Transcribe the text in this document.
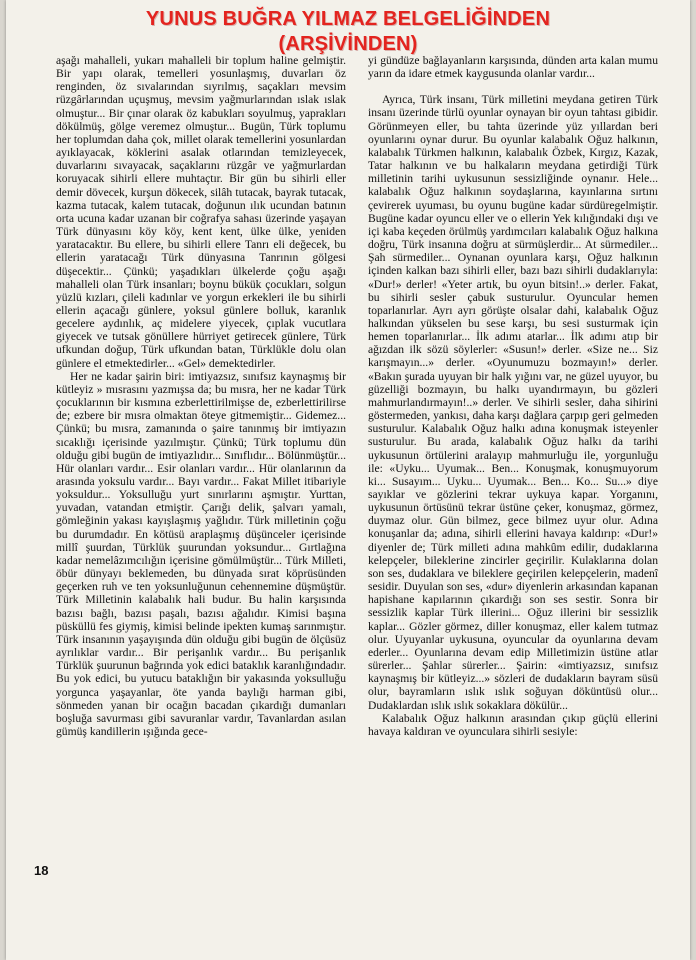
YUNUS BUĞRA YILMAZ BELGELİĞİNDEN
(ARŞİVİNDEN)

aşağı mahalleli, yukarı mahalleli bir toplum haline gelmiştir. Bir yapı olarak, temelleri yosunlaşmış, duvarları öz renginden, öz sıvalarından sıyrılmış, saçakları mevsim rüzgârlarından uçuşmuş, mevsim yağmurlarından ıslak ıslak olmuştur... Bir çınar olarak öz kabukları soyulmuş, yaprakları dökülmüş, gölge veremez olmuştur... Bugün, Türk toplumu her toplumdan daha çok, millet olarak temellerini yosunlardan ayıklayacak, köklerini asalak otlarından temizleyecek, duvarlarını sıvayacak, saçaklarını rüzgâr ve yağmurlardan koruyacak sihirli ellere muhtaçtır. Bir gün bu sihirli eller demir dövecek, kurşun dökecek, silâh tutacak, bayrak tutacak, kazma tutacak, kalem tutacak, doğunun ılık ucundan batının orta ucuna kadar uzanan bir coğrafya sahası üzerinde yaşayan Türk dünyasını köy köy, kent kent, ülke ülke, yeniden yaratacaktır. Bu ellere, bu sihirli ellere Tanrı eli değecek, bu ellerin yaratacağı Türk dünyasına Tanrının gölgesi düşecektir... Çünkü; yaşadıkları ülkelerde çoğu aşağı mahalleli olan Türk insanları; boynu bükük çocukları, solgun yüzlü kızları, çileli kadınlar ve yorgun erkekleri ile bu sihirli ellerin açacağı günlere, yoksul günlere bolluk, karanlık gecelere aydınlık, aç midelere yiyecek, çıplak vucutlara giyecek ve tutsak gönüllere hürriyet getirecek günlere, Türk ufkundan doğup, Türk ufkundan batan, Türklükle dolu olan günlere el etmektedirler... «Gel» demektedirler.

Her ne kadar şairin biri: imtiyazsız, sınıfsız kaynaşmış bir kütleyiz » mısrasını yazmışsa da; bu mısra, her ne kadar Türk çocuklarının bir kısmına ezberlettirilmişse de, ezberlettirilirse de; ezbere bir mısra olmaktan öteye gitmemiştir... Gidemez... Çünkü; bu mısra, zamanında o şaire tanınmış bir imtiyazın sıcaklığı içerisinde yazılmıştır. Çünkü; Türk toplumu dün olduğu gibi bugün de imtiyazlıdır... Sınıflıdır... Bölünmüştür... Hür olanları vardır... Esir olanları vardır... Hür olanlarının da arasında yoksulu vardır... Bayı vardır... Fakat Millet itibariyle yoksuldur... Yoksulluğu yurt sınırlarını aşmıştır. Yurttan, yuvadan, vatandan etmiştir. Çarığı delik, şalvarı yamalı, gömleğinin yakası kayışlaşmış yağlıdır. Türk milletinin çoğu bu durumdadır. En kötüsü araplaşmış düşünceler içerisinde millî şuurdan, Türklük şuurundan yoksundur... Gırtlağına kadar nemelâzımcılığın içerisine gömülmüştür... Türk Milleti, öbür dünyayı beklemeden, bu dünyada sırat köprüsünden geçerken ruh ve ten yoksunluğunun cehennemine düşmüştür. Türk Milletinin kalabalık hali budur. Bu halin karşısında bazısı bağlı, bazısı paşalı, bazısı ağalıdır. Kimisi başına püsküllü fes giymiş, kimisi belinde ipekten kumaş sarınmıştır. Türk insanının yaşayışında dün olduğu gibi bugün de ölçüsüz ayrılıklar vardır... Bir perişanlık vardır... Bu perişanlık Türklük şuurunun bağrında yok edici bataklık karanlığındadır. Bu yok edici, bu yutucu bataklığın bir yakasında yoksulluğu yorgunca yaşayanlar, öte yanda baylığı harman gibi, sönmeden yanan bir ocağın bacadan çıkardığı dumanları boşluğa savurması gibi savuranlar vardır, Tavanlardan asılan gümüş kandillerin ışığında gece-

yi gündüze bağlayanların karşısında, dünden arta kalan mumu yarın da idare etmek kaygusunda olanlar vardır...

Ayrıca, Türk insanı, Türk milletini meydana getiren Türk insanı üzerinde türlü oyunlar oynayan bir oyun tahtası gibidir. Görünmeyen eller, bu tahta üzerinde yüz yıllardan beri oyunlarını oynar durur. Bu oyunlar kalabalık Oğuz halkının, kalabalık Türkmen halkının, kalabalık Özbek, Kırgız, Kazak, Tatar halkının ve bu halkaların meydana getirdiği Türk milletinin tarihi uykusunun sessizliğinde oynanır. Hele... kalabalık Oğuz halkının soydaşlarına, kayınlarına sırtını çevirerek uyuması, bu oyunu bugüne kadar sürdüregelmiştir. Bugüne kadar oyuncu eller ve o ellerin Yek kılığındaki dışı ve içi kaba keçeden örülmüş yardımcıları kalabalık Oğuz halkına doğru, Türk insanına doğru at sürmüşlerdir... At sürmediler... Şah sürmediler... Oynanan oyunlara karşı, Oğuz halkının içinden kalkan bazı sihirli eller, bazı bazı sihirli dudaklarıyla: «Dur!» derler! «Yeter artık, bu oyun bitsin!..» derler. Fakat, bu sihirli sesler çabuk susturulur. Oyuncular hemen toparlanırlar. Ayrı ayrı görüşte olsalar dahi, kalabalık Oğuz halkından yükselen bu sese karşı, bu sesi susturmak için hemen toparlanırlar... İlk adımı atarlar... İlk adımı atıp bir ağızdan ilk sözü söylerler: «Susun!» derler. «Size ne... Siz karışmayın...» derler. «Oyunumuzu bozmayın!» derler. «Bakın şurada uyuyan bir halk yığını var, ne güzel uyuyor, bu güzelliği bozmayın, bu halkı uyandırmayın, bu gözleri mahmurlandırmayın!..» derler. Ve sihirli sesler, daha sihirini göstermeden, yankısı, daha karşı dağlara çarpıp geri gelmeden susturulur. Kalabalık Oğuz halkı adına konuşmak isteyenler susturulur. Bu arada, kalabalık Oğuz halkı da tarihi uykusunun örtülerini aralayıp mahmurluğu ile, yorgunluğu ile: «Uyku... Uyumak... Ben... Konuşmak, konuşmuyorum ki... Susayım... Uyku... Uyumak... Ben... Ko... Su...» diye sayıklar ve gözlerini tekrar uykuya kapar. Yorganını, uykusunun örtüsünü tekrar üstüne çeker, konuşmaz, görmez, duymaz olur. Gün bilmez, gece bilmez uyur olur. Adına konuşanlar da; adına, sihirli ellerini havaya kaldırıp: «Dur!» diyenler de; Türk milleti adına mahkûm edilir, dudaklarına kelepçeler, bileklerine zincirler geçirilir. Kulaklarına dolan son ses, dudaklara ve bileklere geçirilen kelepçelerin, madenî sesidir. Duyulan son ses, «dur» diyenlerin arkasından kapanan hapishane kapılarının çıkardığı son ses sestir. Sonra bir sessizlik kaplar Türk illerini... Oğuz illerini bir sessizlik kaplar... Gözler görmez, diller konuşmaz, eller kalem tutmaz olur. Uyuyanlar uykusuna, oyuncular da oyunlarına devam ederler... Oyunlarına devam edip Milletimizin üstüne atlar sürerler... Şahlar sürerler... Şairin: «imtiyazsız, sınıfsız kaynaşmış bir kütleyiz...» sözleri de dudakların bayram süsü olur, bayramların ıslık ıslık soğuyan döküntüsü olur... Dudaklardan ıslık ıslık sokaklara dökülür...

Kalabalık Oğuz halkının arasından çıkıp güçlü ellerini havaya kaldıran ve oyunculara sihirli sesiyle:

18
